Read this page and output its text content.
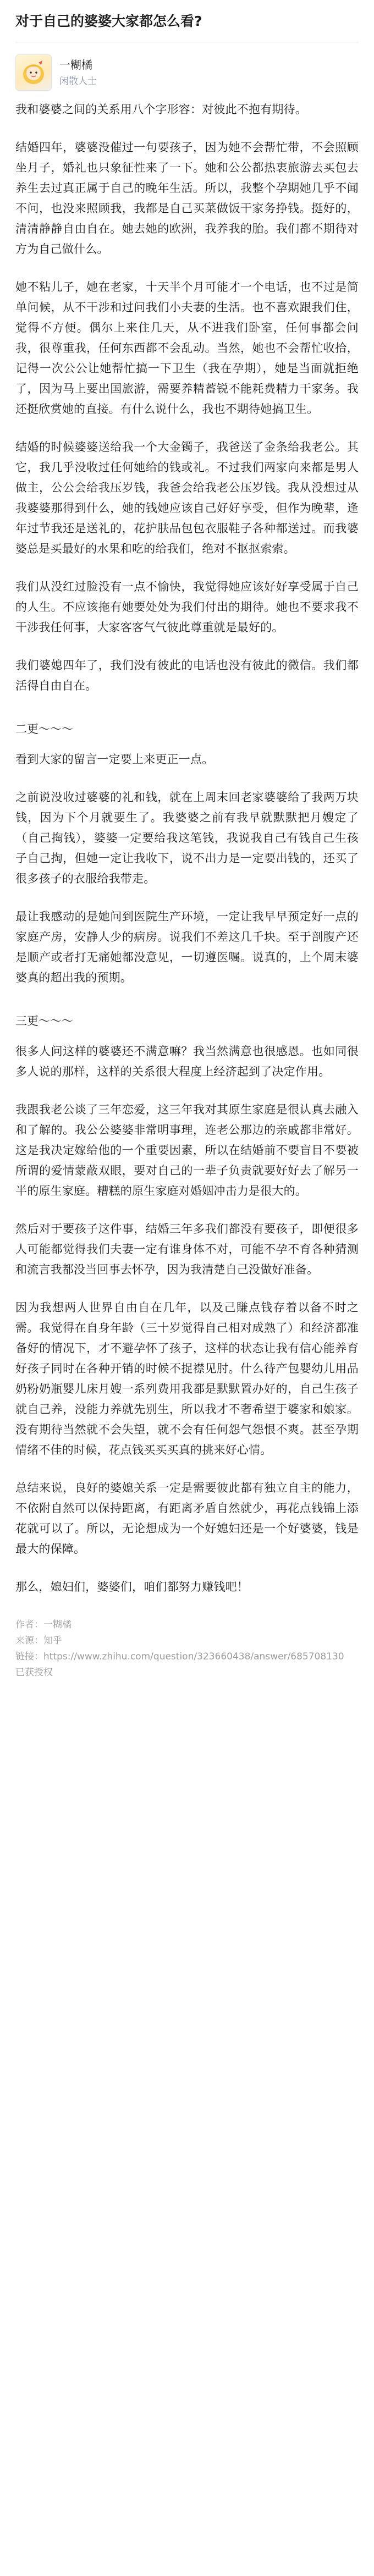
对于自己的婆婆大家都怎么看?
一糊橘
闲散人士

我和婆婆之间的关系用八个字形容：对彼此不抱有期待。

结婚四年，婆婆没催过一句要孩子，因为她不会帮忙带，不会照顾坐月子，婚礼也只象征性来了一下。她和公公都热衷旅游去买包去养生去过真正属于自己的晚年生活。所以，我整个孕期她几乎不闻不问，也没来照顾我，我都是自己买菜做饭干家务挣钱。挺好的，清清静静自由自在。她去她的欧洲，我养我的胎。我们都不期待对方为自己做什么。

她不粘儿子，她在老家，十天半个月可能才一个电话，也不过是简单问候，从不干涉和过问我们小夫妻的生活。也不喜欢跟我们住，觉得不方便。偶尔上来住几天，从不进我们卧室，任何事都会问我，很尊重我，任何东西都不会乱动。当然，她也不会帮忙收拾，记得一次公公让她帮忙搞一下卫生（我在孕期），她是当面就拒绝了，因为马上要出国旅游，需要养精蓄锐不能耗费精力干家务。我还挺欣赏她的直接。有什么说什么，我也不期待她搞卫生。

结婚的时候婆婆送给我一个大金镯子，我爸送了金条给我老公。其它，我几乎没收过任何她给的钱或礼。不过我们两家向来都是男人做主，公公会给我压岁钱，我爸会给我老公压岁钱。我从没想过从我婆婆那得到什么，她的钱她应该自己好好享受，但作为晚辈，逢年过节我还是送礼的，花护肤品包包衣服鞋子各种都送过。而我婆婆总是买最好的水果和吃的给我们，绝对不抠抠索索。

我们从没红过脸没有一点不愉快，我觉得她应该好好享受属于自己的人生。不应该拖有她要处处为我们付出的期待。她也不要求我不干涉我任何事，大家客客气气彼此尊重就是最好的。

我们婆媳四年了，我们没有彼此的电话也没有彼此的微信。我们都活得自由自在。

二更～～～

看到大家的留言一定要上来更正一点。

之前说没收过婆婆的礼和钱，就在上周末回老家婆婆给了我两万块钱，因为下个月就要生了。我婆婆之前有我早就默默把月嫂定了（自己掏钱），婆婆一定要给我这笔钱，我说我自己有钱自己生孩子自己掏，但她一定让我收下，说不出力是一定要出钱的，还买了很多孩子的衣服给我带走。

最让我感动的是她问到医院生产环境，一定让我早早预定好一点的家庭产房，安静人少的病房。说我们不差这几千块。至于剖腹产还是顺产或者打无痛她都没意见，一切遵医嘱。说真的，上个周末婆婆真的超出我的预期。

三更～～～

很多人问这样的婆婆还不满意嘛？我当然满意也很感恩。也如同很多人说的那样，这样的关系很大程度上经济起到了决定作用。

我跟我老公谈了三年恋爱，这三年我对其原生家庭是很认真去融入和了解的。我公公婆婆非常明事理，连老公那边的亲戚都非常好。这是我决定嫁给他的一个重要因素，所以在结婚前不要盲目不要被所谓的爱情蒙蔽双眼，要对自己的一辈子负责就要好好去了解另一半的原生家庭。糟糕的原生家庭对婚姻冲击力是很大的。

然后对于要孩子这件事，结婚三年多我们都没有要孩子，即便很多人可能都觉得我们夫妻一定有谁身体不对，可能不孕不育各种猜测和流言我都没当回事去怀孕，因为我清楚自己没做好准备。

因为我想两人世界自由自在几年，以及己賺点钱存着以备不时之需。我觉得在自身年龄（三十岁觉得自己相对成熟了）和经济都准备好的情况下，才不避孕怀了孩子，这样的状态让我有信心能养育好孩子同时在各种开销的时候不捉襟见肘。什么待产包婴幼儿用品奶粉奶瓶婴儿床月嫂一系列费用我都是默默置办好的，自己生孩子就自己养，没能力养就先别生，所以我才不奢希望于婆家和娘家。没有期待当然就不会失望，就不会有任何怨气怨恨不爽。甚至孕期情绪不佳的时候，花点钱买买买真的挑来好心情。

总结来说，良好的婆媳关系一定是需要彼此都有独立自主的能力，不依附自然可以保持距离，有距离矛盾自然就少，再花点钱锦上添花就可以了。所以，无论想成为一个好媳妇还是一个好婆婆，钱是最大的保障。

那么，媳妇们，婆婆们，咱们都努力赚钱吧！

作者：一糊橘
来源：知乎
链接：https://www.zhihu.com/question/323660438/answer/685708130
已获授权
